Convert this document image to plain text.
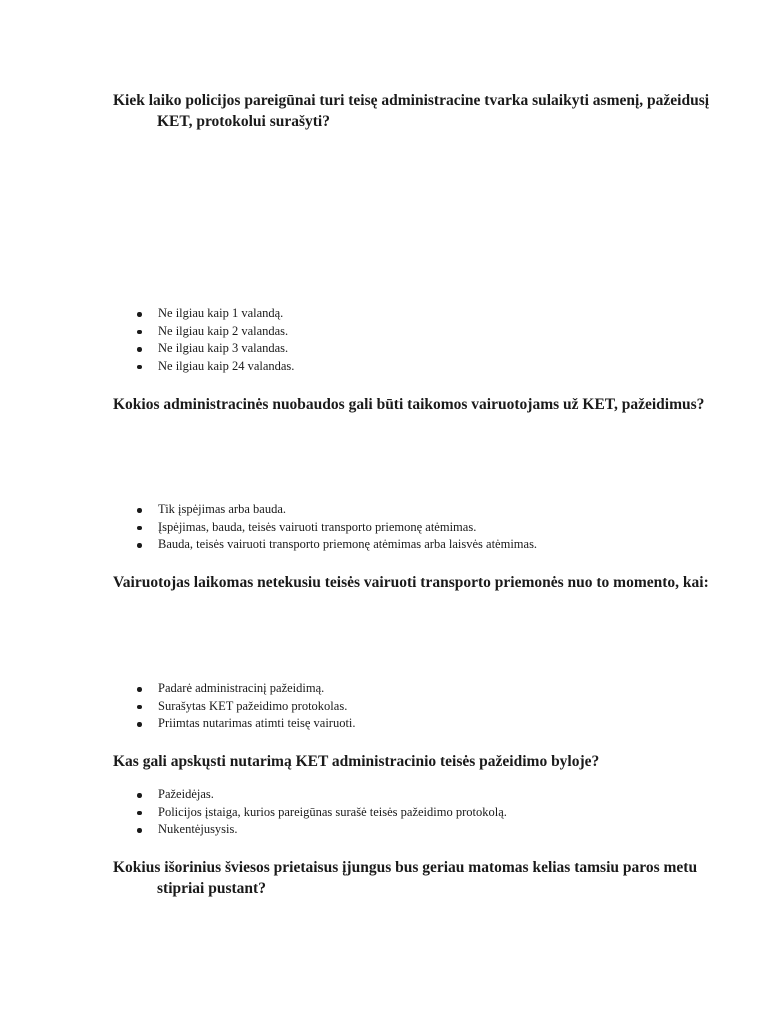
Kiek laiko policijos pareigūnai turi teisę administracine tvarka sulaikyti asmenį, pažeidusį KET, protokolui surašyti?

Ne ilgiau kaip 1 valandą.
Ne ilgiau kaip 2 valandas.
Ne ilgiau kaip 3 valandas.
Ne ilgiau kaip 24 valandas.

Kokios administracinės nuobaudos gali būti taikomos vairuotojams už KET, pažeidimus?

Tik įspėjimas arba bauda.
Įspėjimas, bauda, teisės vairuoti transporto priemonę atėmimas.
Bauda, teisės vairuoti transporto priemonę atėmimas arba laisvės atėmimas.

Vairuotojas laikomas netekusiu teisės vairuoti transporto priemonės nuo to momento, kai:

Padarė administracinį pažeidimą.
Surašytas KET pažeidimo protokolas.
Priimtas nutarimas atimti teisę vairuoti.

Kas gali apskųsti nutarimą KET administracinio teisės pažeidimo byloje?

Pažeidėjas.
Policijos įstaiga, kurios pareigūnas surašė teisės pažeidimo protokolą.
Nukentėjusysis.

Kokius išorinius šviesos prietaisus įjungus bus geriau matomas kelias tamsiu paros metu stipriai pustant?
